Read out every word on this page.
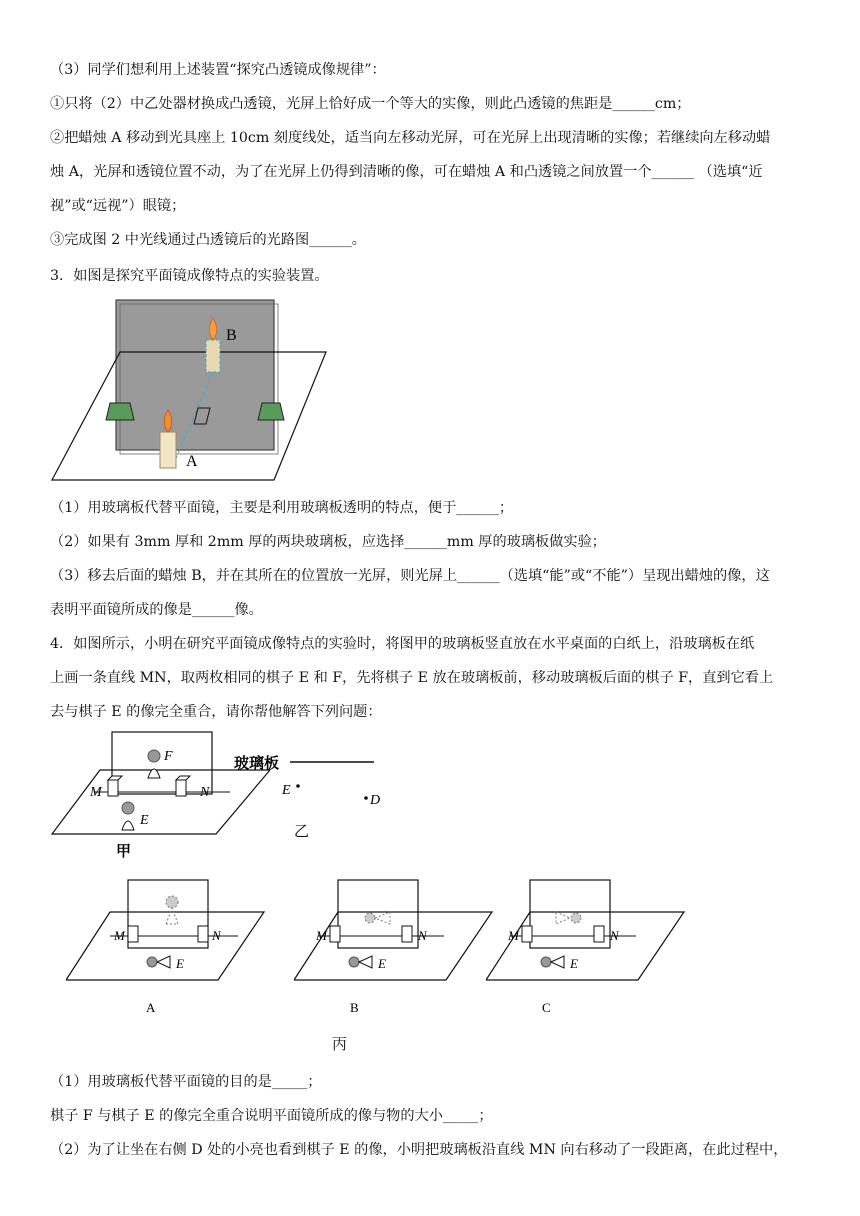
（3）同学们想利用上述装置“探究凸透镜成像规律”：
①只将（2）中乙处器材换成凸透镜，光屏上恰好成一个等大的实像，则此凸透镜的焦距是______cm；
②把蜡烛 A 移动到光具座上 10cm 刻度线处，适当向左移动光屏，可在光屏上出现清晰的实像；若继续向左移动蜡
烛 A，光屏和透镜位置不动，为了在光屏上仍得到清晰的像，可在蜡烛 A 和凸透镜之间放置一个______ （选填“近
视”或“远视”）眼镜；
③完成图 2 中光线通过凸透镜后的光路图______。
3．如图是探究平面镜成像特点的实验装置。
B
A
（1）用玻璃板代替平面镜，主要是利用玻璃板透明的特点，便于______；
（2）如果有 3mm 厚和 2mm 厚的两块玻璃板，应选择______mm 厚的玻璃板做实验；
（3）移去后面的蜡烛 B，并在其所在的位置放一光屏，则光屏上______（选填“能”或“不能”）呈现出蜡烛的像，这
表明平面镜所成的像是______像。
4．如图所示，小明在研究平面镜成像特点的实验时，将图甲的玻璃板竖直放在水平桌面的白纸上，沿玻璃板在纸
上画一条直线 MN，取两枚相同的棋子 E 和 F，先将棋子 E 放在玻璃板前，移动玻璃板后面的棋子 F，直到它看上
去与棋子 E 的像完全重合，请你帮他解答下列问题：
M	N
F
E
甲
玻璃板
E
D
乙
M	N
E
A
M	N
E
B
M	N
E
C
丙
（1）用玻璃板代替平面镜的目的是_____；
棋子 F 与棋子 E 的像完全重合说明平面镜所成的像与物的大小_____；
（2）为了让坐在右侧 D 处的小亮也看到棋子 E 的像，小明把玻璃板沿直线 MN 向右移动了一段距离，在此过程中，
